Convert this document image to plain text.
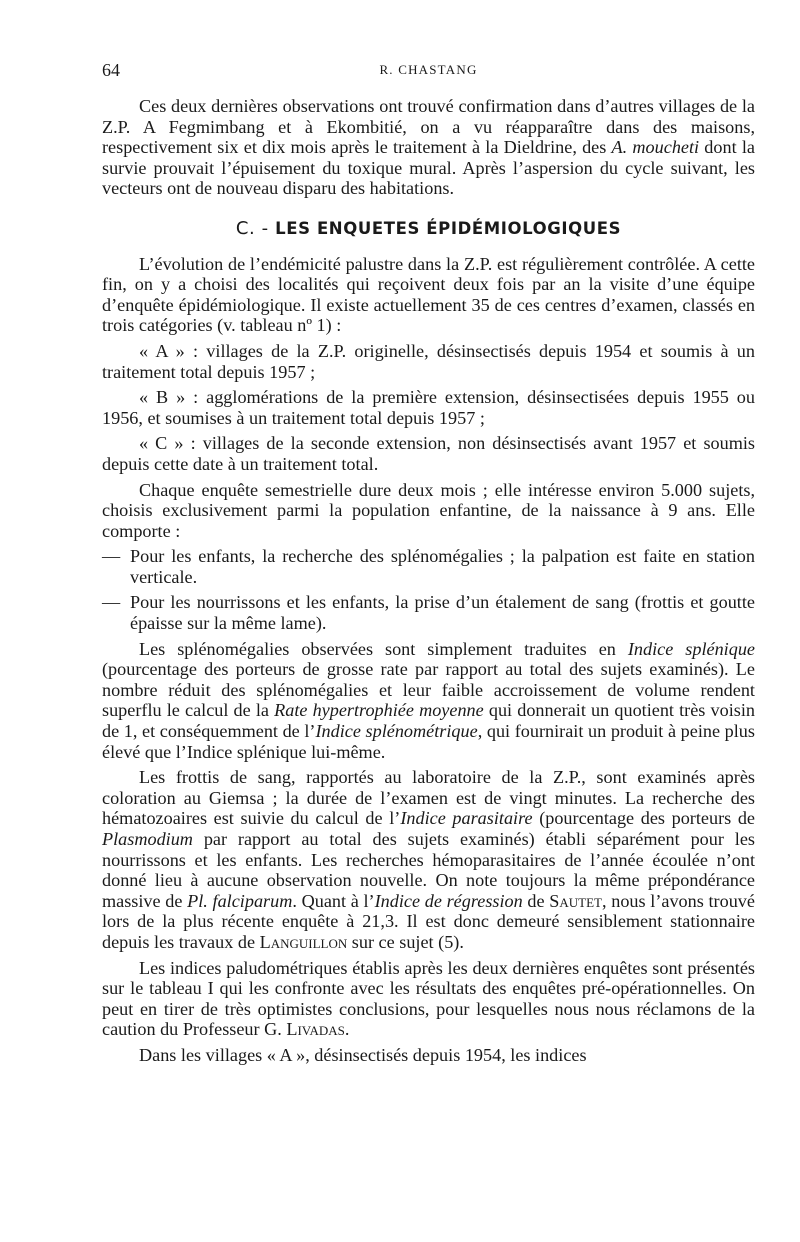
64	R. CHASTANG

Ces deux dernières observations ont trouvé confirmation dans d’autres villages de la Z.P. A Fegmimbang et à Ekombitié, on a vu réapparaître dans des maisons, respectivement six et dix mois après le traitement à la Dieldrine, des A. moucheti dont la survie prouvait l’épuisement du toxique mural. Après l’aspersion du cycle suivant, les vecteurs ont de nouveau disparu des habitations.

C. - LES ENQUETES ÉPIDÉMIOLOGIQUES

L’évolution de l’endémicité palustre dans la Z.P. est régulièrement contrôlée. A cette fin, on y a choisi des localités qui reçoivent deux fois par an la visite d’une équipe d’enquête épidémiologique. Il existe actuellement 35 de ces centres d’examen, classés en trois catégories (v. tableau nº 1) :

« A » : villages de la Z.P. originelle, désinsectisés depuis 1954 et soumis à un traitement total depuis 1957 ;

« B » : agglomérations de la première extension, désinsectisées depuis 1955 ou 1956, et soumises à un traitement total depuis 1957 ;

« C » : villages de la seconde extension, non désinsectisés avant 1957 et soumis depuis cette date à un traitement total.

Chaque enquête semestrielle dure deux mois ; elle intéresse environ 5.000 sujets, choisis exclusivement parmi la population enfantine, de la naissance à 9 ans. Elle comporte :

— Pour les enfants, la recherche des splénomégalies ; la palpation est faite en station verticale.
— Pour les nourrissons et les enfants, la prise d’un étalement de sang (frottis et goutte épaisse sur la même lame).

Les splénomégalies observées sont simplement traduites en Indice splénique (pourcentage des porteurs de grosse rate par rapport au total des sujets examinés). Le nombre réduit des splénomégalies et leur faible accroissement de volume rendent superflu le calcul de la Rate hypertrophiée moyenne qui donnerait un quotient très voisin de 1, et conséquemment de l’Indice splénométrique, qui fournirait un produit à peine plus élevé que l’Indice splénique lui-même.

Les frottis de sang, rapportés au laboratoire de la Z.P., sont examinés après coloration au Giemsa ; la durée de l’examen est de vingt minutes. La recherche des hématozoaires est suivie du calcul de l’Indice parasitaire (pourcentage des porteurs de Plasmodium par rapport au total des sujets examinés) établi séparément pour les nourrissons et les enfants. Les recherches hémoparasitaires de l’année écoulée n’ont donné lieu à aucune observation nouvelle. On note toujours la même prépondérance massive de Pl. falciparum. Quant à l’Indice de régression de Sautet, nous l’avons trouvé lors de la plus récente enquête à 21,3. Il est donc demeuré sensiblement stationnaire depuis les travaux de Languillon sur ce sujet (5).

Les indices paludométriques établis après les deux dernières enquêtes sont présentés sur le tableau I qui les confronte avec les résultats des enquêtes pré-opérationnelles. On peut en tirer de très optimistes conclusions, pour lesquelles nous nous réclamons de la caution du Professeur G. Livadas.

Dans les villages « A », désinsectisés depuis 1954, les indices
